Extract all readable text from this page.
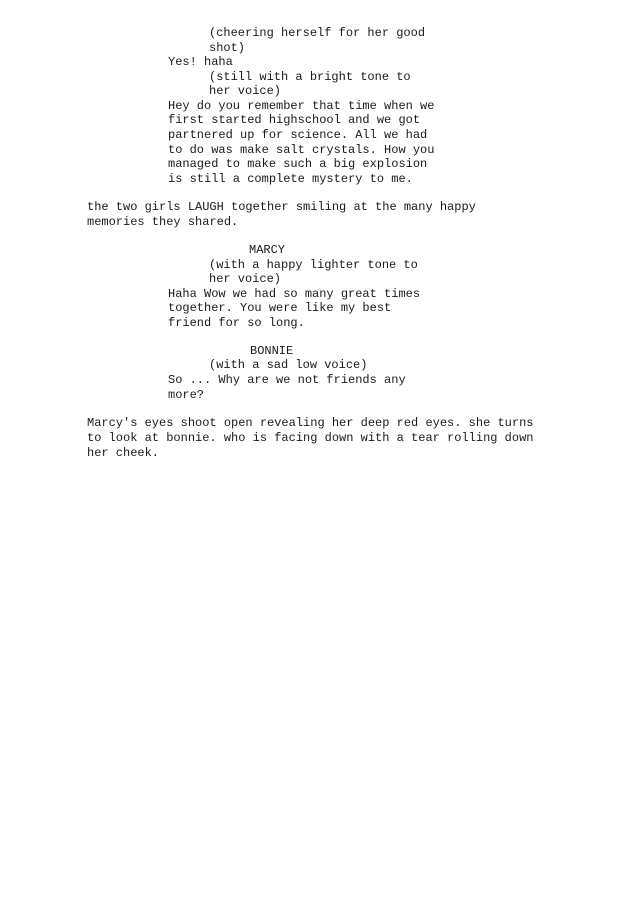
(cheering herself for her good

shot)

Yes! haha

(still with a bright tone to

her voice)

Hey do you remember that time when we

first started highschool and we got

partnered up for science. All we had

to do was make salt crystals. How you

managed to make such a big explosion

is still a complete mystery to me.

the two girls LAUGH together smiling at the many happy

memories they shared.

MARCY

(with a happy lighter tone to

her voice)

Haha Wow we had so many great times

together. You were like my best

friend for so long.

BONNIE

(with a sad low voice)

So ... Why are we not friends any

more?

Marcy's eyes shoot open revealing her deep red eyes. she turns

to look at bonnie. who is facing down with a tear rolling down

her cheek.
